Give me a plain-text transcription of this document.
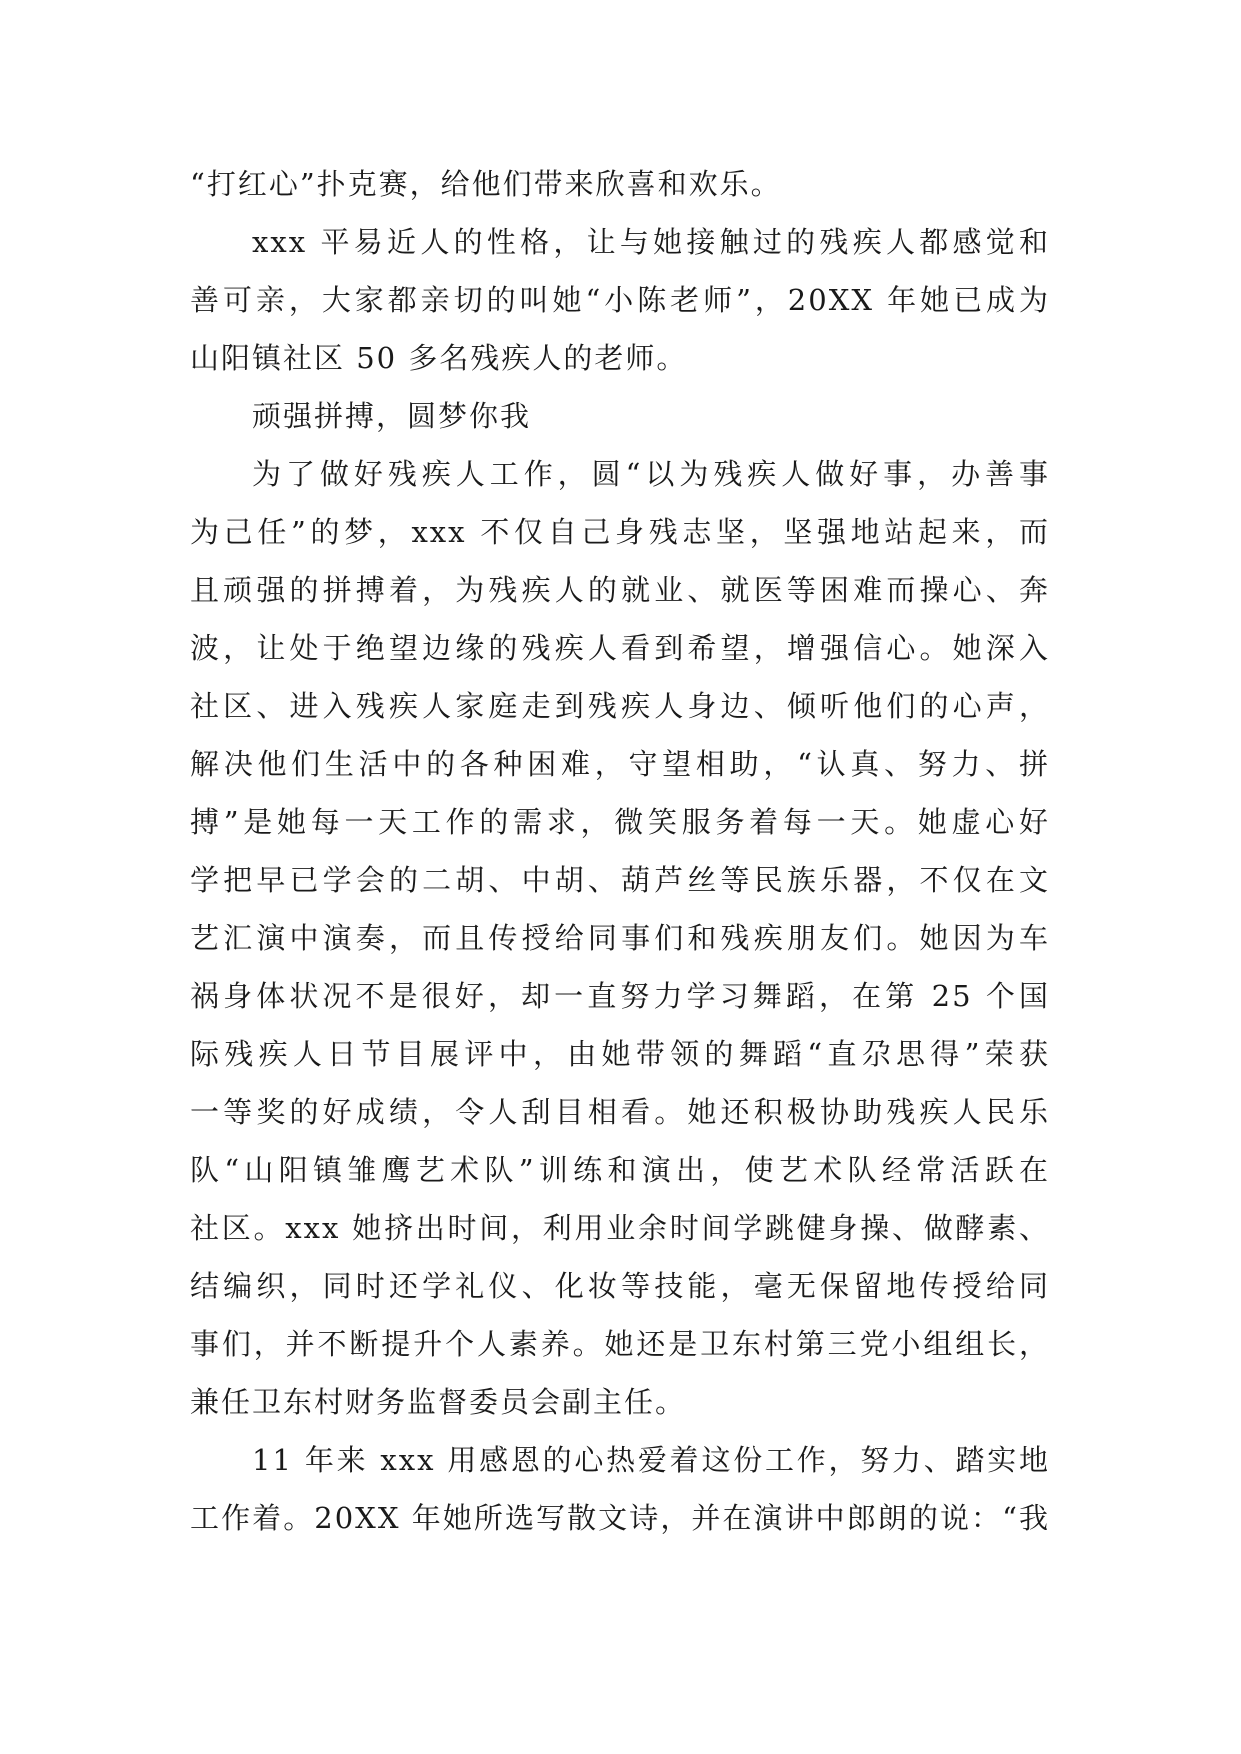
“打红心”扑克赛，给他们带来欣喜和欢乐。
xxx 平易近人的性格，让与她接触过的残疾人都感觉和
善可亲，大家都亲切的叫她“小陈老师”，20XX 年她已成为
山阳镇社区 50 多名残疾人的老师。
顽强拼搏，圆梦你我
为了做好残疾人工作，圆“以为残疾人做好事，办善事
为己任”的梦，xxx 不仅自己身残志坚，坚强地站起来，而
且顽强的拼搏着，为残疾人的就业、就医等困难而操心、奔
波，让处于绝望边缘的残疾人看到希望，增强信心。她深入
社区、进入残疾人家庭走到残疾人身边、倾听他们的心声，
解决他们生活中的各种困难，守望相助，“认真、努力、拼
搏”是她每一天工作的需求，微笑服务着每一天。她虚心好
学把早已学会的二胡、中胡、葫芦丝等民族乐器，不仅在文
艺汇演中演奏，而且传授给同事们和残疾朋友们。她因为车
祸身体状况不是很好，却一直努力学习舞蹈，在第 25 个国
际残疾人日节目展评中，由她带领的舞蹈“直尕思得”荣获
一等奖的好成绩，令人刮目相看。她还积极协助残疾人民乐
队“山阳镇雏鹰艺术队”训练和演出，使艺术队经常活跃在
社区。xxx 她挤出时间，利用业余时间学跳健身操、做酵素、
结编织，同时还学礼仪、化妆等技能，毫无保留地传授给同
事们，并不断提升个人素养。她还是卫东村第三党小组组长，
兼任卫东村财务监督委员会副主任。
11 年来 xxx 用感恩的心热爱着这份工作，努力、踏实地
工作着。20XX 年她所选写散文诗，并在演讲中郎朗的说：“我
